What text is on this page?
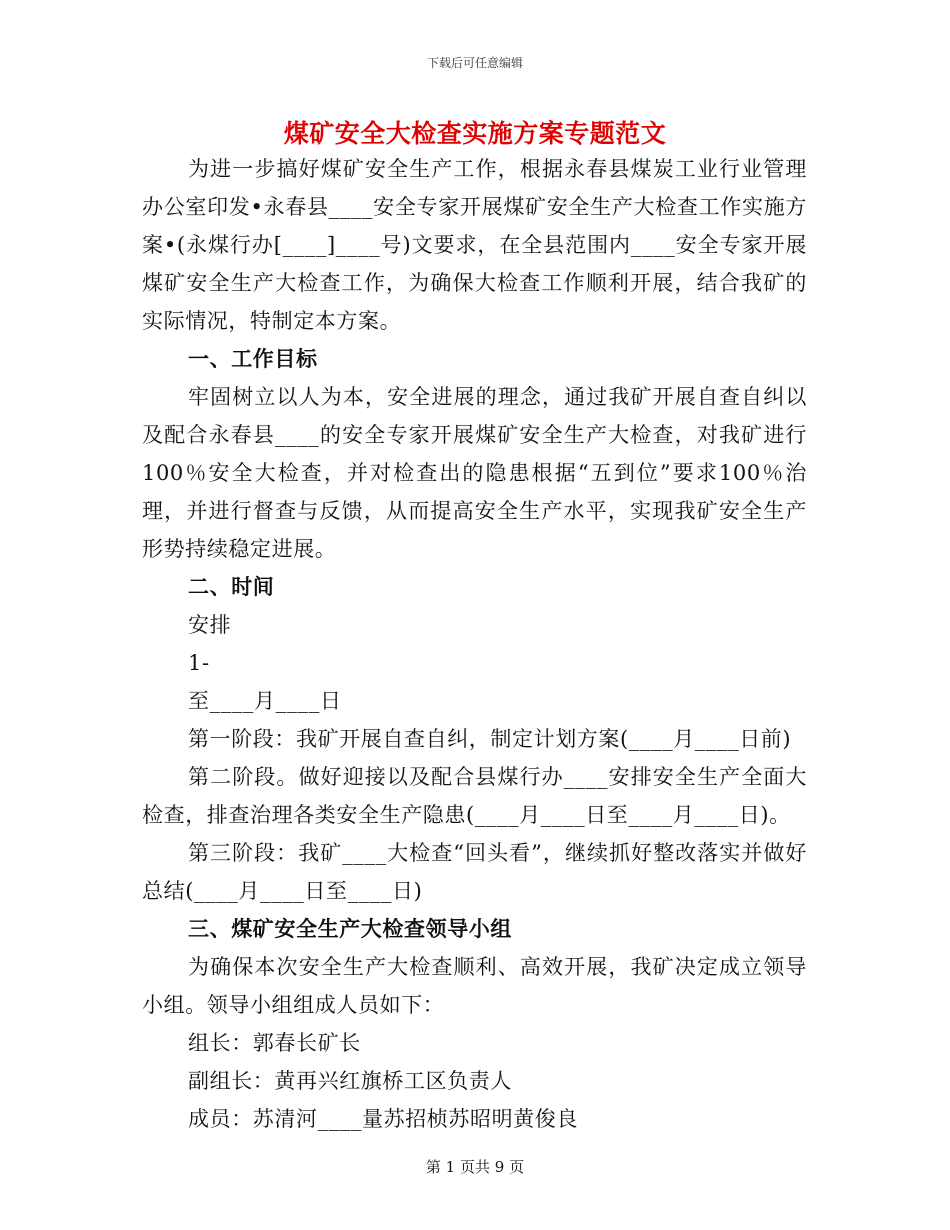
下载后可任意编辑
煤矿安全大检查实施方案专题范文

为进一步搞好煤矿安全生产工作，根据永春县煤炭工业行业管理办公室印发•永春县____安全专家开展煤矿安全生产大检查工作实施方案•(永煤行办[____]____号)文要求，在全县范围内____安全专家开展煤矿安全生产大检查工作，为确保大检查工作顺利开展，结合我矿的实际情况，特制定本方案。

一、工作目标

牢固树立以人为本，安全进展的理念，通过我矿开展自查自纠以及配合永春县____的安全专家开展煤矿安全生产大检查，对我矿进行100％安全大检查，并对检查出的隐患根据“五到位”要求100％治理，并进行督查与反馈，从而提高安全生产水平，实现我矿安全生产形势持续稳定进展。

二、时间

安排

1-

至____月____日

第一阶段：我矿开展自查自纠，制定计划方案(____月____日前)

第二阶段。做好迎接以及配合县煤行办____安排安全生产全面大检查，排查治理各类安全生产隐患(____月____日至____月____日)。

第三阶段：我矿____大检查“回头看”，继续抓好整改落实并做好总结(____月____日至____日)

三、煤矿安全生产大检查领导小组

为确保本次安全生产大检查顺利、高效开展，我矿决定成立领导小组。领导小组组成人员如下：

组长：郭春长矿长

副组长：黄再兴红旗桥工区负责人

成员：苏清河____量苏招桢苏昭明黄俊良

第 1 页共 9 页
